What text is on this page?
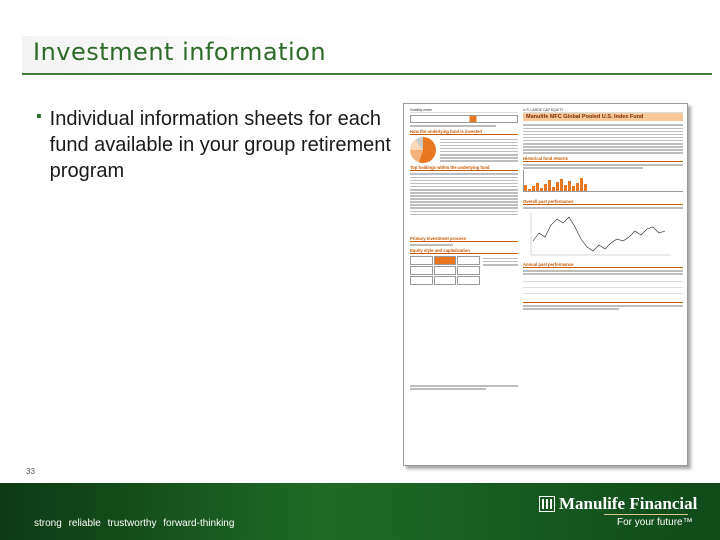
Investment information
▪ Individual information sheets for each fund available in your group retirement program
Volatility meter
How the underlying fund is invested
Top holdings within the underlying fund
Primary investment process
Equity style and capitalization
U.S. LARGE CAP EQUITY
Manulife MFC Global Pooled U.S. Index Fund
Historical fund returns
Overall past performance
Annual past performance
33
strong reliable trustworthy forward-thinking
Manulife Financial
For your future™
